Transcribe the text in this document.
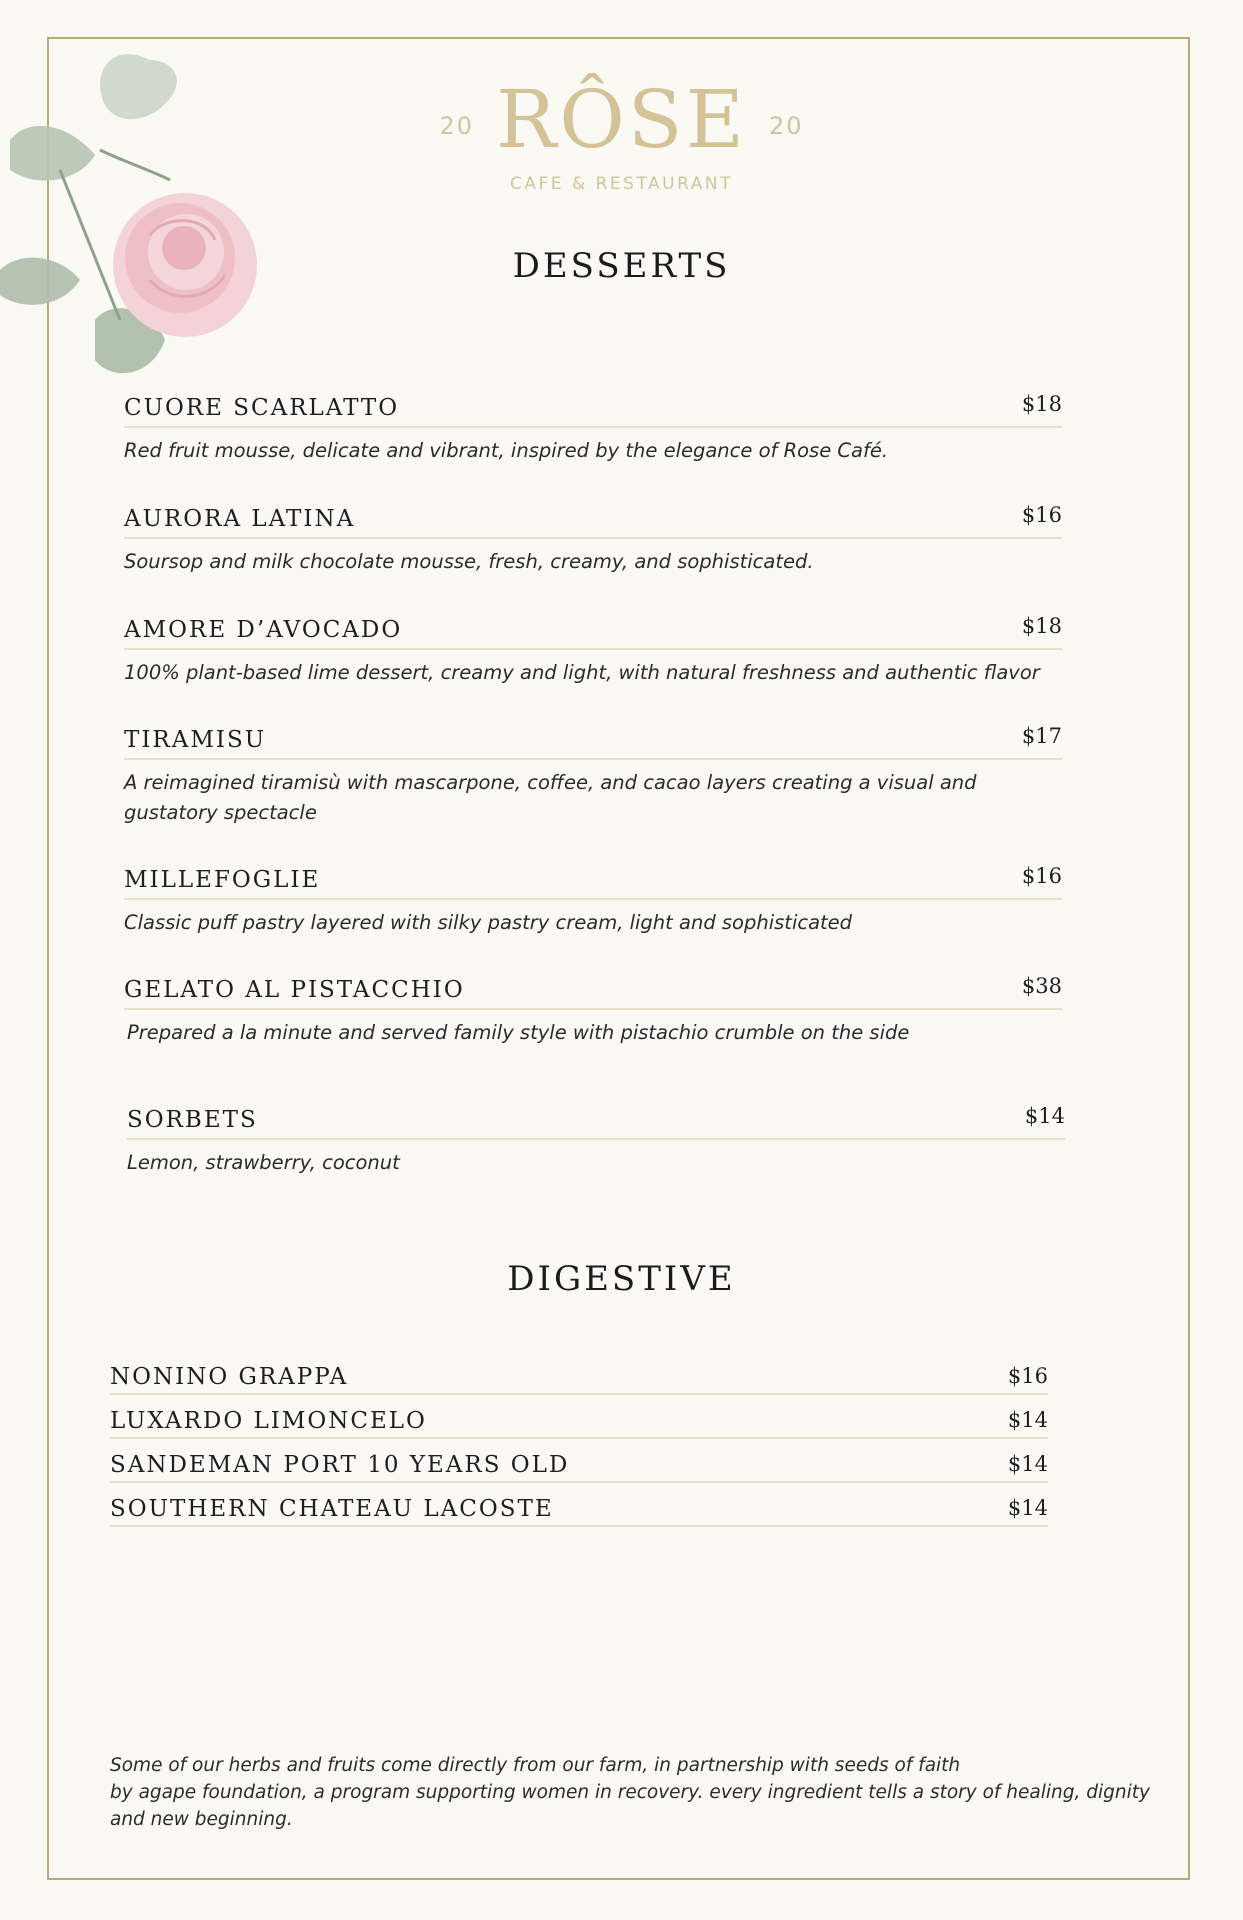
20 RÔSE 20
CAFE & RESTAURANT
DESSERTS
CUORE SCARLATTO	$18
Red fruit mousse, delicate and vibrant, inspired by the elegance of Rose Café.
AURORA LATINA	$16
Soursop and milk chocolate mousse, fresh, creamy, and sophisticated.
AMORE D’AVOCADO	$18
100% plant-based lime dessert, creamy and light, with natural freshness and authentic flavor
TIRAMISU	$17
A reimagined tiramisù with mascarpone, coffee, and cacao layers creating a visual and gustatory spectacle
MILLEFOGLIE	$16
Classic puff pastry layered with silky pastry cream, light and sophisticated
GELATO AL PISTACCHIO	$38
Prepared a la minute and served family style with pistachio crumble on the side
SORBETS	$14
Lemon, strawberry, coconut
DIGESTIVE
NONINO GRAPPA	$16
LUXARDO LIMONCELO	$14
SANDEMAN PORT 10 YEARS OLD	$14
SOUTHERN CHATEAU LACOSTE	$14
Some of our herbs and fruits come directly from our farm, in partnership with seeds of faith
by agape foundation, a program supporting women in recovery. every ingredient tells a story of healing, dignity
and new beginning.
